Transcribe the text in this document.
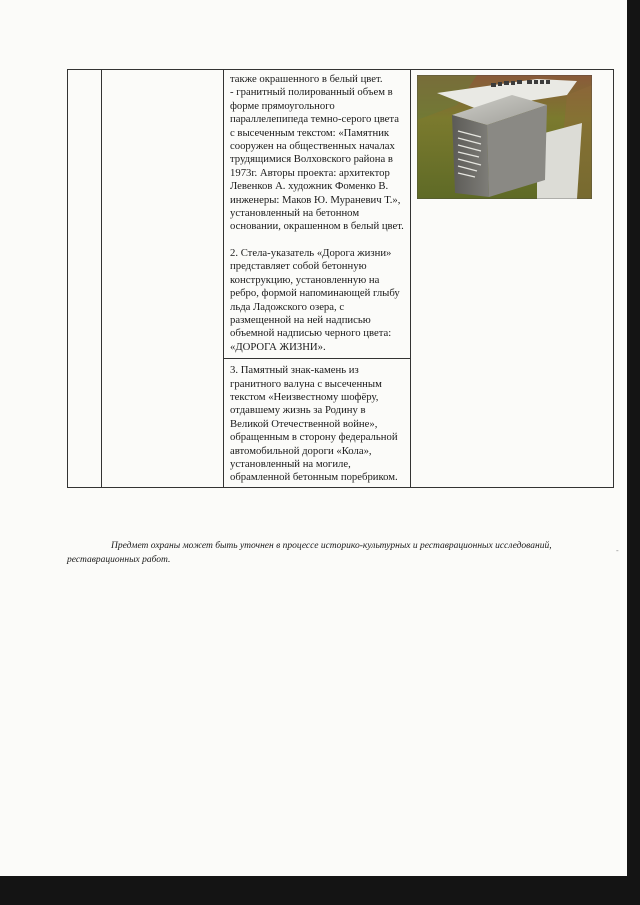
также окрашенного в белый цвет.
- гранитный полированный объем в форме прямоугольного параллелепипеда темно-серого цвета с высеченным текстом: «Памятник сооружен на общественных началах трудящимися Волховского района в 1973г. Авторы проекта: архитектор Левенков А. художник Фоменко В. инженеры: Маков Ю. Мураневич Т.», установленный на бетонном основании, окрашенном в белый цвет.
2. Стела-указатель «Дорога жизни» представляет собой бетонную конструкцию, установленную на ребро, формой напоминающей глыбу льда Ладожского озера, с размещенной на ней надписью объемной надписью черного цвета: «ДОРОГА ЖИЗНИ».
3. Памятный знак-камень из гранитного валуна с высеченным текстом «Неизвестному шофёру, отдавшему жизнь за Родину в Великой Отечественной войне», обращенным в сторону федеральной автомобильной дороги «Кола», установленный на могиле, обрамленной бетонным поребриком.

Предмет охраны может быть уточнен в процессе историко-культурных и реставрационных исследований, реставрационных работ.
-
